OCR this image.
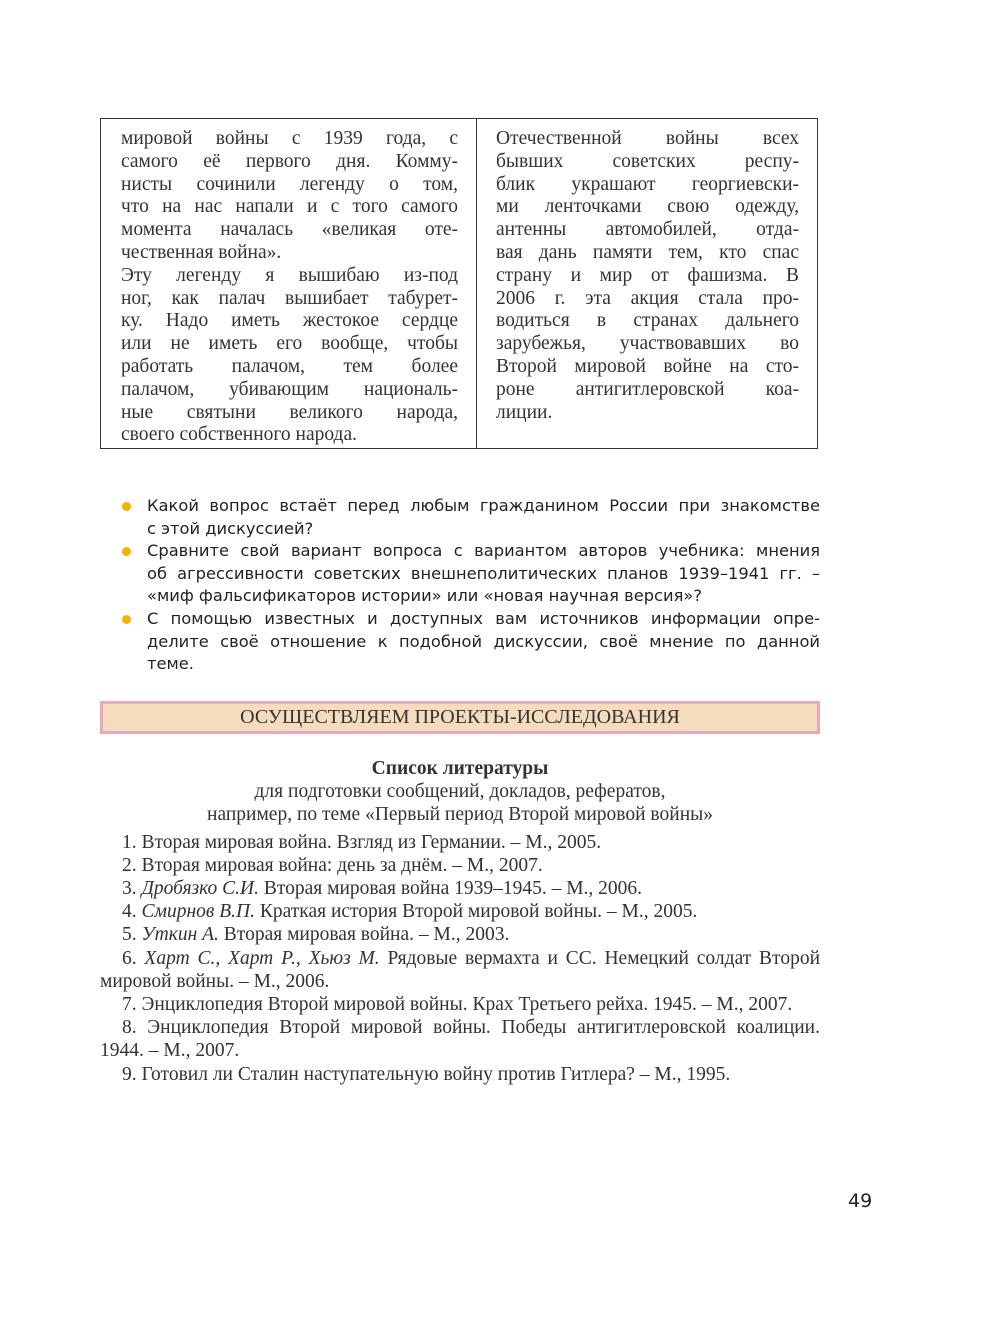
мировой войны с 1939 года, с
самого её первого дня. Комму-
нисты сочинили легенду о том,
что на нас напали и с того самого
момента началась «великая оте-
чественная война».
Эту легенду я вышибаю из-под
ног, как палач вышибает табурет-
ку. Надо иметь жестокое сердце
или не иметь его вообще, чтобы
работать палачом, тем более
палачом, убивающим националь-
ные святыни великого народа,
своего собственного народа.
Отечественной войны всех
бывших советских респу-
блик украшают георгиевски-
ми ленточками свою одежду,
антенны автомобилей, отда-
вая дань памяти тем, кто спас
страну и мир от фашизма. В
2006 г. эта акция стала про-
водиться в странах дальнего
зарубежья, участвовавших во
Второй мировой войне на сто-
роне антигитлеровской коа-
лиции.
Какой вопрос встаёт перед любым гражданином России при знакомстве
с этой дискуссией?
Сравните свой вариант вопроса с вариантом авторов учебника: мнения
об агрессивности советских внешнеполитических планов 1939–1941 гг. –
«миф фальсификаторов истории» или «новая научная версия»?
С помощью известных и доступных вам источников информации опре-
делите своё отношение к подобной дискуссии, своё мнение по данной
теме.
ОСУЩЕСТВЛЯЕМ ПРОЕКТЫ-ИССЛЕДОВАНИЯ
Список литературы
для подготовки сообщений, докладов, рефератов,
например, по теме «Первый период Второй мировой войны»
1. Вторая мировая война. Взгляд из Германии. – М., 2005.
2. Вторая мировая война: день за днём. – М., 2007.
3. Дробязко С.И. Вторая мировая война 1939–1945. – М., 2006.
4. Смирнов В.П. Краткая история Второй мировой войны. – М., 2005.
5. Уткин А. Вторая мировая война. – М., 2003.
6. Харт С., Харт Р., Хьюз М. Рядовые вермахта и СС. Немецкий солдат Второй мировой войны. – М., 2006.
7. Энциклопедия Второй мировой войны. Крах Третьего рейха. 1945. – М., 2007.
8. Энциклопедия Второй мировой войны. Победы антигитлеровской коалиции. 1944. – М., 2007.
9. Готовил ли Сталин наступательную войну против Гитлера? – М., 1995.
49
